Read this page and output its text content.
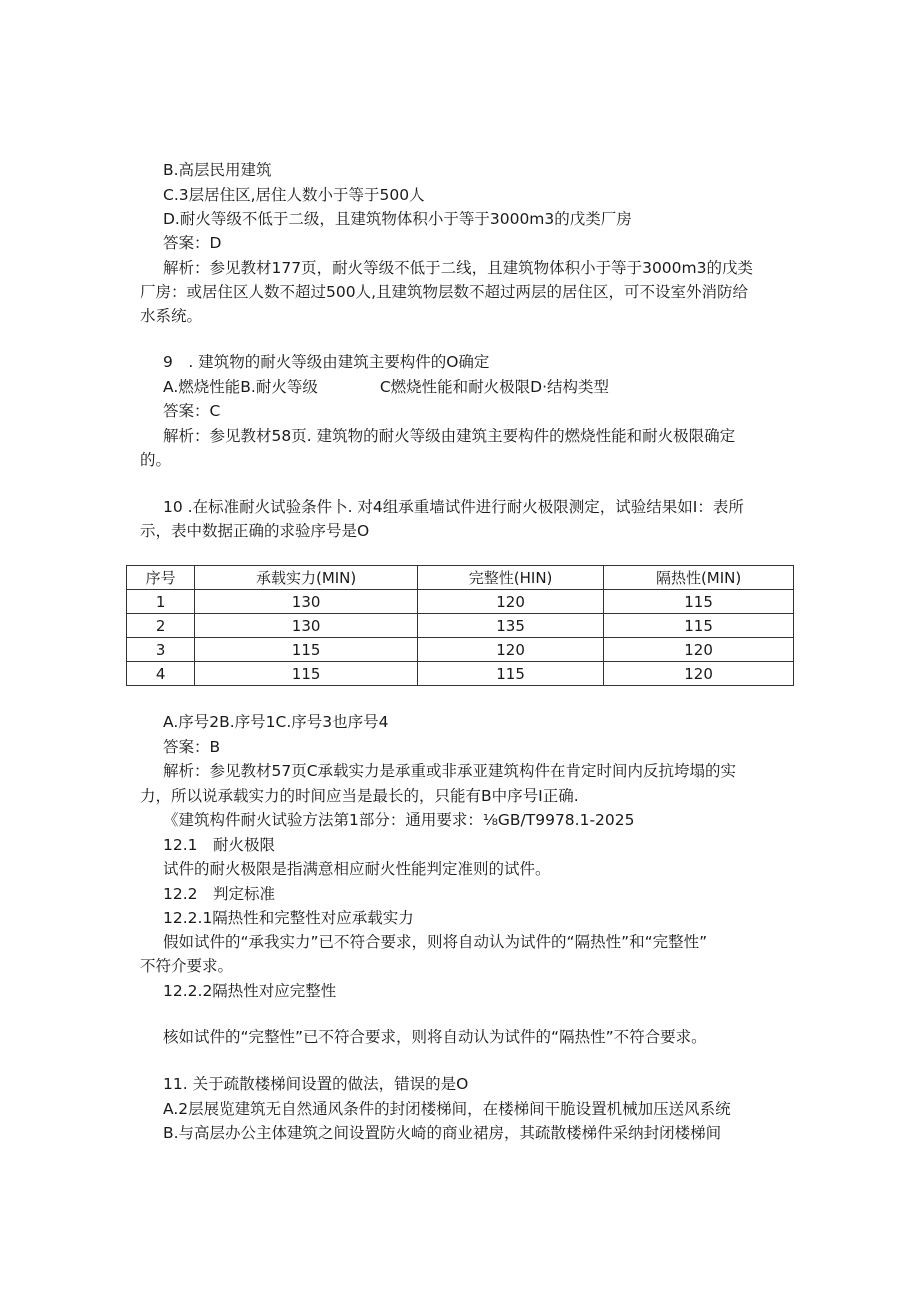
B.高层民用建筑
C.3层居住区,居住人数小于等于500人
D.耐火等级不低于二级，且建筑物体积小于等于3000m3的戊类厂房
答案：D
解析：参见教材177页，耐火等级不低于二线，且建筑物体积小于等于3000m3的戊类
厂房：或居住区人数不超过500人,且建筑物层数不超过两层的居住区，可不设室外消防给
水系统。
9　. 建筑物的耐火等级由建筑主要构件的O确定
A.燃烧性能B.耐火等级　　　　C燃烧性能和耐火极限D·结构类型
答案：C
解析：参见教材58页. 建筑物的耐火等级由建筑主要构件的燃烧性能和耐火极限确定
的。
10 .在标准耐火试验条件卜. 对4组承重墙试件进行耐火极限测定，试验结果如I：表所
示，表中数据正确的求验序号是O
序号	承载实力(MIN)	完整性(HIN)	隔热性(MIN)
1	130	120	115
2	130	135	115
3	115	120	120
4	115	115	120
A.序号2B.序号1C.序号3也序号4
答案：B
解析：参见教材57页C承载实力是承重或非承亚建筑构件在肯定时间内反抗垮塌的实
力，所以说承载实力的时间应当是最长的，只能有B中序号I正确.
《建筑构件耐火试验方法第1部分：通用要求：⅛GB/T9978.1-2025
12.1　耐火极限
试件的耐火极限是指满意相应耐火性能判定准则的试件。
12.2　判定标准
12.2.1隔热性和完整性对应承载实力
假如试件的“承我实力”已不符合要求，则将自动认为试件的“隔热性”和“完整性”
不符介要求。
12.2.2隔热性对应完整性
核如试件的“完整性”已不符合要求，则将自动认为试件的“隔热性”不符合要求。
11. 关于疏散楼梯间设置的做法，错误的是O
A.2层展览建筑无自然通风条件的封闭楼梯间，在楼梯间干脆设置机械加压送风系统
B.与高层办公主体建筑之间设置防火崎的商业裙房，其疏散楼梯件采纳封闭楼梯间
